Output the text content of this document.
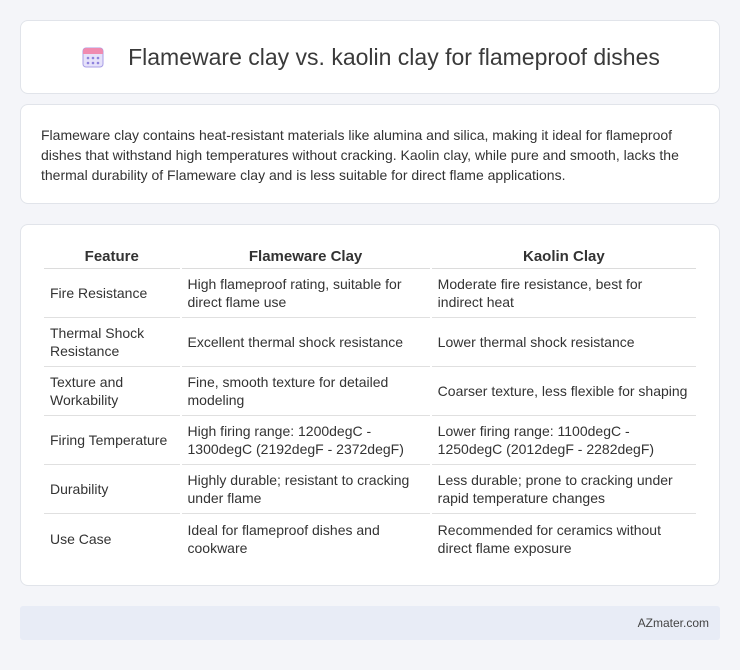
Flameware clay vs. kaolin clay for flameproof dishes

Flameware clay contains heat-resistant materials like alumina and silica, making it ideal for flameproof dishes that withstand high temperatures without cracking. Kaolin clay, while pure and smooth, lacks the thermal durability of Flameware clay and is less suitable for direct flame applications.

Feature	Flameware Clay	Kaolin Clay
Fire Resistance	High flameproof rating, suitable for direct flame use	Moderate fire resistance, best for indirect heat
Thermal Shock Resistance	Excellent thermal shock resistance	Lower thermal shock resistance
Texture and Workability	Fine, smooth texture for detailed modeling	Coarser texture, less flexible for shaping
Firing Temperature	High firing range: 1200degC - 1300degC (2192degF - 2372degF)	Lower firing range: 1100degC - 1250degC (2012degF - 2282degF)
Durability	Highly durable; resistant to cracking under flame	Less durable; prone to cracking under rapid temperature changes
Use Case	Ideal for flameproof dishes and cookware	Recommended for ceramics without direct flame exposure
AZmater.com
